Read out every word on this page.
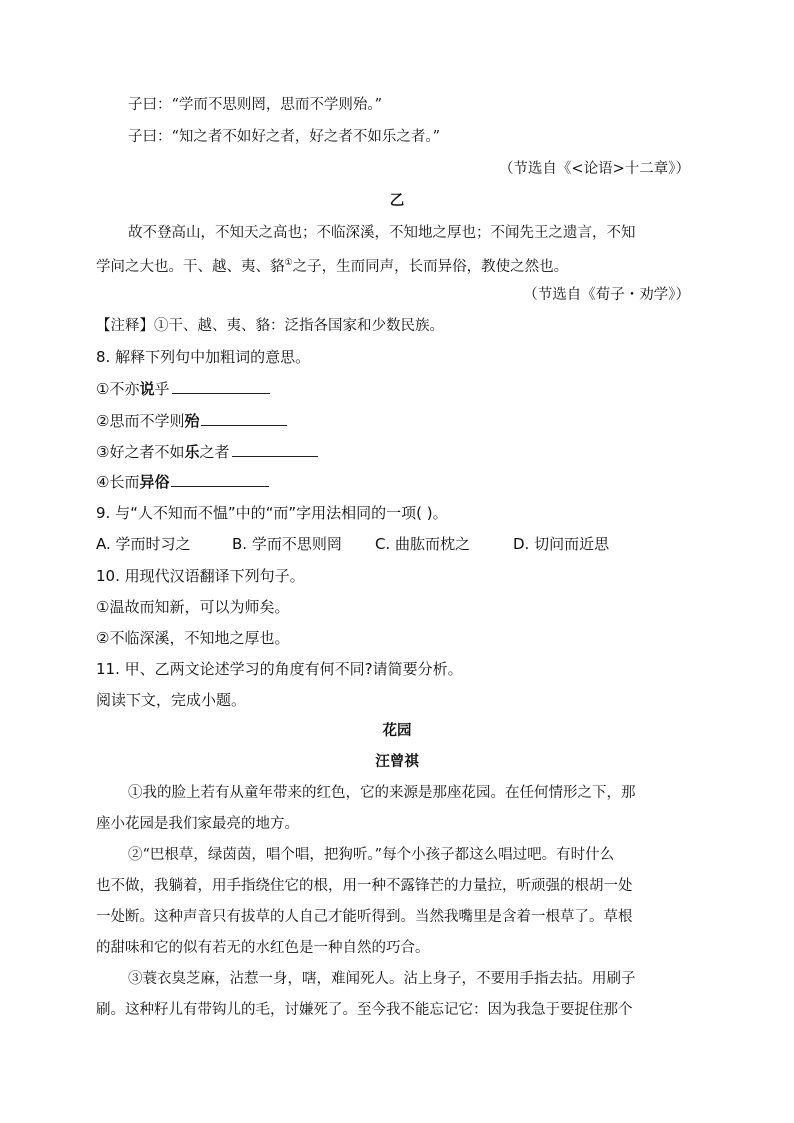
子曰：“学而不思则罔，思而不学则殆。”
子曰：“知之者不如好之者，好之者不如乐之者。”
（节选自《<论语>十二章》）
乙
故不登高山，不知天之高也；不临深溪，不知地之厚也；不闻先王之遗言，不知
学问之大也。干、越、夷、貉①之子，生而同声，长而异俗，教使之然也。
（节选自《荀子・劝学》）
【注释】①干、越、夷、貉：泛指各国家和少数民族。
8. 解释下列句中加粗词的意思。
①不亦说乎
②思而不学则殆
③好之者不如乐之者
④长而异俗
9. 与“人不知而不愠”中的“而”字用法相同的一项( )。
A. 学而时习之	B. 学而不思则罔 C. 曲肱而枕之	D. 切问而近思
10. 用现代汉语翻译下列句子。
①温故而知新，可以为师矣。
②不临深溪，不知地之厚也。
11. 甲、乙两文论述学习的角度有何不同?请简要分析。
阅读下文，完成小题。
花园
汪曾祺
①我的脸上若有从童年带来的红色，它的来源是那座花园。在任何情形之下，那
座小花园是我们家最亮的地方。
②“巴根草，绿茵茵，唱个唱，把狗听。”每个小孩子都这么唱过吧。有时什么
也不做，我躺着，用手指绕住它的根，用一种不露锋芒的力量拉，听顽强的根胡一处
一处断。这种声音只有拔草的人自己才能听得到。当然我嘴里是含着一根草了。草根
的甜味和它的似有若无的水红色是一种自然的巧合。
③蓑衣臭芝麻，沾惹一身，嗐，难闻死人。沾上身子，不要用手指去拈。用刷子
刷。这种籽儿有带钩儿的毛，讨嫌死了。至今我不能忘记它：因为我急于要捉住那个
